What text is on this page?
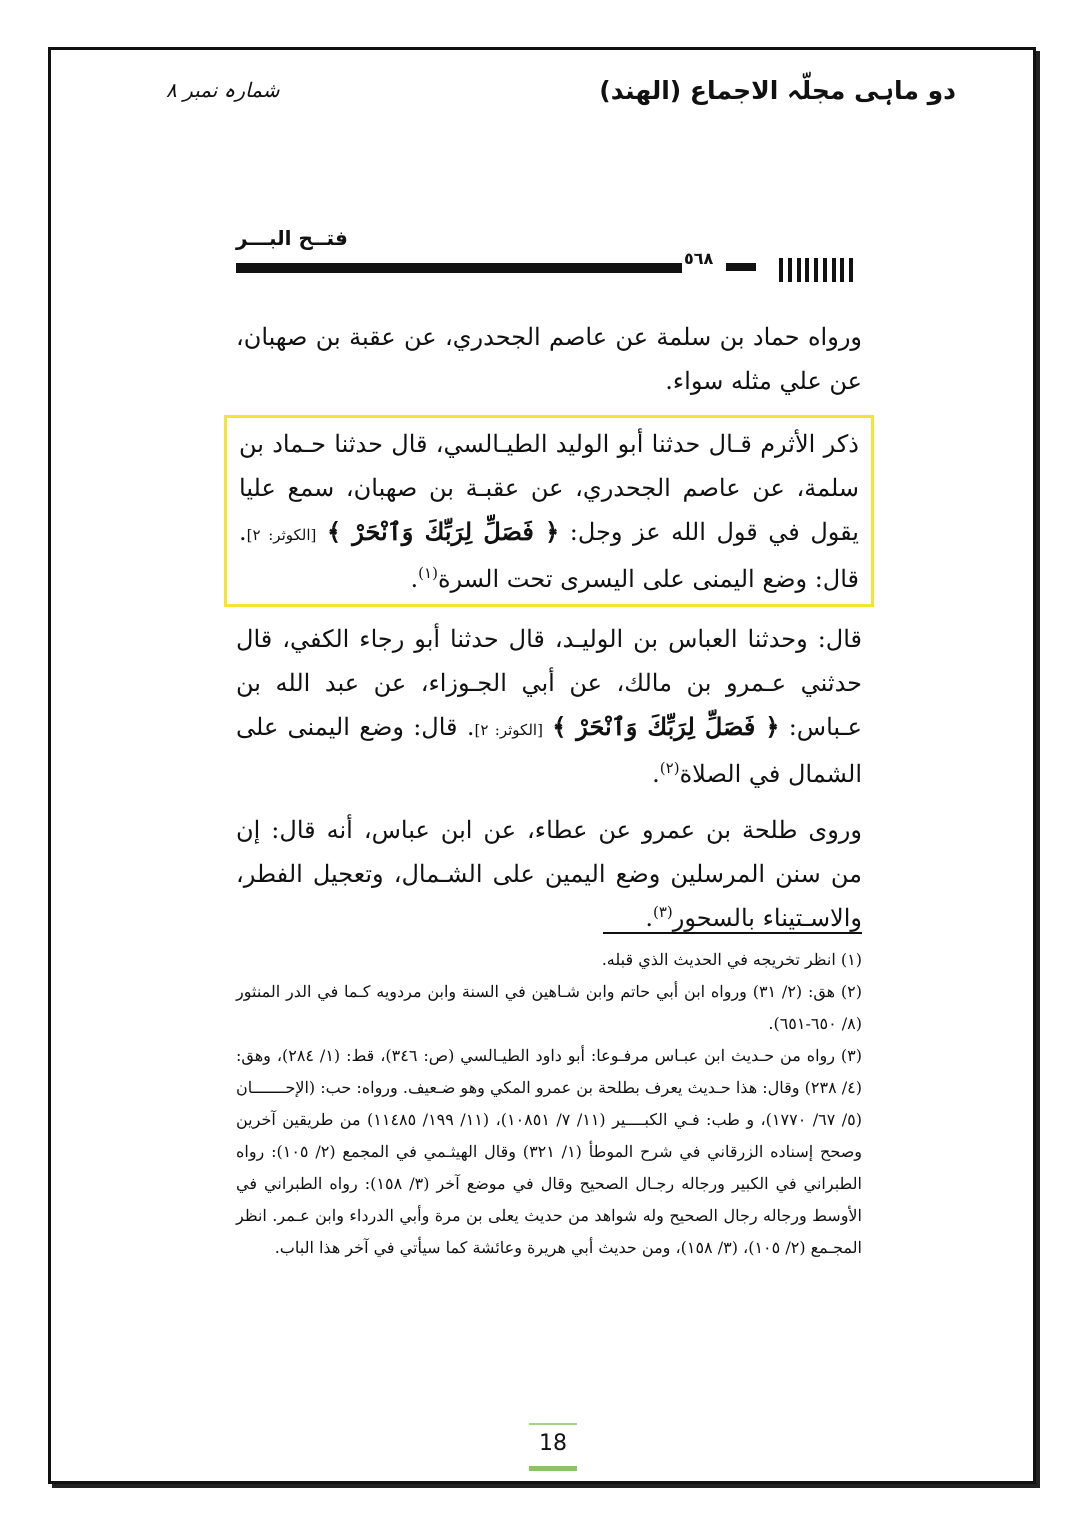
دو ماہی مجلّہ الاجماع (الھند)
شمارہ نمبر ۸
فتــح البـــر
٥٦٨

ورواه حماد بن سلمة عن عاصم الجحدري، عن عقبة بن صهبان، عن علي مثله سواء.

ذكر الأثرم قـال حدثنا أبو الوليد الطيـالسي، قال حدثنا حـماد بن سلمة، عن عاصم الجحدري، عن عقبـة بن صهبان، سمع عليا يقول في قول الله عز وجل: ﴿ فَصَلِّ لِرَبِّكَ وَٱنْحَرْ ﴾ [الكوثر: ٢]. قال: وضع اليمنى على اليسرى تحت السرة$^{(١)}$.

قال: وحدثنا العباس بن الوليـد، قال حدثنا أبو رجاء الكفي، قال حدثني عـمرو بن مالك، عن أبي الجـوزاء، عن عبد الله بن عـباس: ﴿ فَصَلِّ لِرَبِّكَ وَٱنْحَرْ ﴾ [الكوثر: ٢]. قال: وضع اليمنى على الشمال في الصلاة$^{(٢)}$.

وروى طلحة بن عمرو عن عطاء، عن ابن عباس، أنه قال: إن من سنن المرسلين وضع اليمين على الشـمال، وتعجيل الفطر، والاسـتيناء بالسحور$^{(٣)}$.

(١) انظر تخريجه في الحديث الذي قبله.

(٢) هق: (٢/ ٣١) ورواه ابن أبي حاتم وابن شـاهين في السنة وابن مردويه كـما في الدر المنثور (٨/ ٦٥٠-٦٥١).

(٣) رواه من حـديث ابن عبـاس مرفـوعا: أبو داود الطيـالسي (ص: ٣٤٦)، قط: (١/ ٢٨٤)، وهق: (٤/ ٢٣٨) وقال: هذا حـديث يعرف بطلحة بن عمرو المكي وهو ضـعيف. ورواه: حب: (الإحـــــــان (٥/ ٦٧/ ١٧٧٠)، و طب: فـي الكبــــير (١١/ ٧/ ١٠٨٥١)، (١١/ ١٩٩/ ١١٤٨٥) من طريقين آخرين وصحح إسناده الزرقاني في شرح الموطأ (١/ ٣٢١) وقال الهيثـمي في المجمع (٢/ ١٠٥): رواه الطبراني في الكبير ورجاله رجـال الصحيح وقال في موضع آخر (٣/ ١٥٨): رواه الطبراني في الأوسط ورجاله رجال الصحيح وله شواهد من حديث يعلى بن مرة وأبي الدرداء وابن عـمر. انظر المجـمع (٢/ ١٠٥)، (٣/ ١٥٨)، ومن حديث أبي هريرة وعائشة كما سيأتي في آخر هذا الباب.

18
